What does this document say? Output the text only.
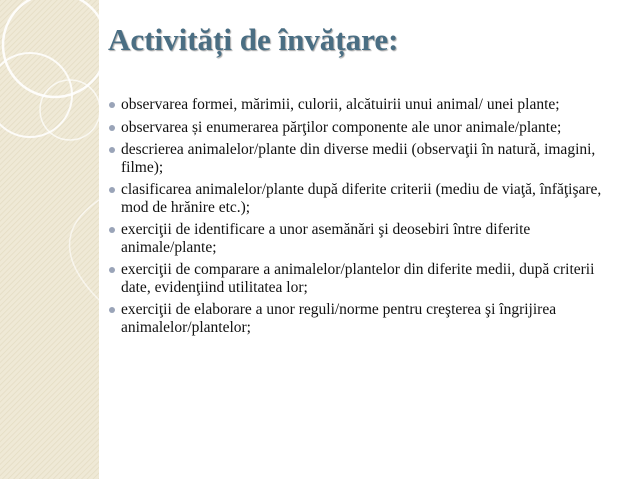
Activități de învățare:
observarea formei, mărimii, culorii, alcătuirii unui animal/ unei plante;
observarea și enumerarea părţilor componente ale unor animale/plante;
descrierea animalelor/plante din diverse medii (observaţii în natură, imagini, filme);
clasificarea animalelor/plante după diferite criterii (mediu de viaţă, înfăţişare, mod de hrănire etc.);
exerciţii de identificare a unor asemănări şi deosebiri între diferite animale/plante;
exerciţii de comparare a animalelor/plantelor din diferite medii, după criterii date, evidenţiind utilitatea lor;
exerciţii de elaborare a unor reguli/norme pentru creşterea şi îngrijirea animalelor/plantelor;
